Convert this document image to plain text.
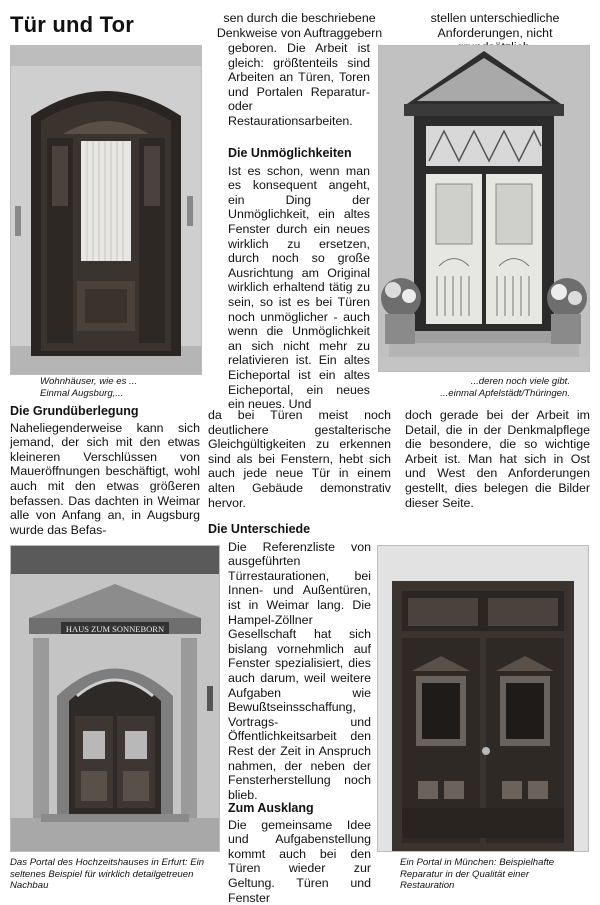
Tür und Tor
Wohnhäuser, wie es ...
Einmal Augsburg,...
sen durch die beschriebene Denkweise von Auftraggebern
geboren. Die Arbeit ist gleich: größtenteils sind Arbeiten an Türen, Toren und Portalen Reparatur- oder Restaurationsarbeiten.

Die Unmöglichkeiten

Ist es schon, wenn man es konsequent angeht, ein Ding der Unmöglichkeit, ein altes Fenster durch ein neues wirklich zu ersetzen, durch noch so große Ausrichtung am Original wirklich erhaltend tätig zu sein, so ist es bei Türen noch unmöglicher - auch wenn die Unmöglichkeit an sich nicht mehr zu relativieren ist. Ein altes Eicheportal ist ein altes Eicheportal, ein neues ein neues. Und

da bei Türen meist noch deutlichere gestalterische Gleichgültigkeiten zu erkennen sind als bei Fenstern, hebt sich auch jede neue Tür in einem alten Gebäude demonstrativ hervor.
stellen unterschiedliche Anforderungen, nicht
...deren noch viele gibt.
...einmal Apfelstädt/Thüringen.

Die Grundüberlegung

Naheliegenderweise kann sich jemand, der sich mit den etwas kleineren Verschlüssen von Maueröffnungen beschäftigt, wohl auch mit den etwas größeren befassen. Das dachten in Weimar alle von Anfang an, in Augsburg wurde das Befas-

doch gerade bei der Arbeit im Detail, die in der Denkmalpflege die besondere, die so wichtige Arbeit ist. Man hat sich in Ost und West den Anforderungen gestellt, dies belegen die Bilder dieser Seite.
HAUS ZUM SONNEBORN
Das Portal des Hochzeitshauses in Erfurt: Ein seltenes Beispiel für wirklich detailgetreuen Nachbau

Die Unterschiede

Die Referenzliste von ausgeführten Türrestaurationen, bei Innen- und Außentüren, ist in Weimar lang. Die Hampel-Zöllner Gesellschaft hat sich bislang vornehmlich auf Fenster spezialisiert, dies auch darum, weil weitere Aufgaben wie Bewußtseinsschaffung, Vortrags- und Öffentlichkeitsarbeit den Rest der Zeit in Anspruch nahmen, der neben der Fensterherstellung noch blieb.

Zum Ausklang

Die gemeinsame Idee und Aufgabenstellung kommt auch bei den Türen wieder zur Geltung. Türen und Fenster

Ein Portal in München: Beispielhafte Reparatur in der Qualität einer Restauration
